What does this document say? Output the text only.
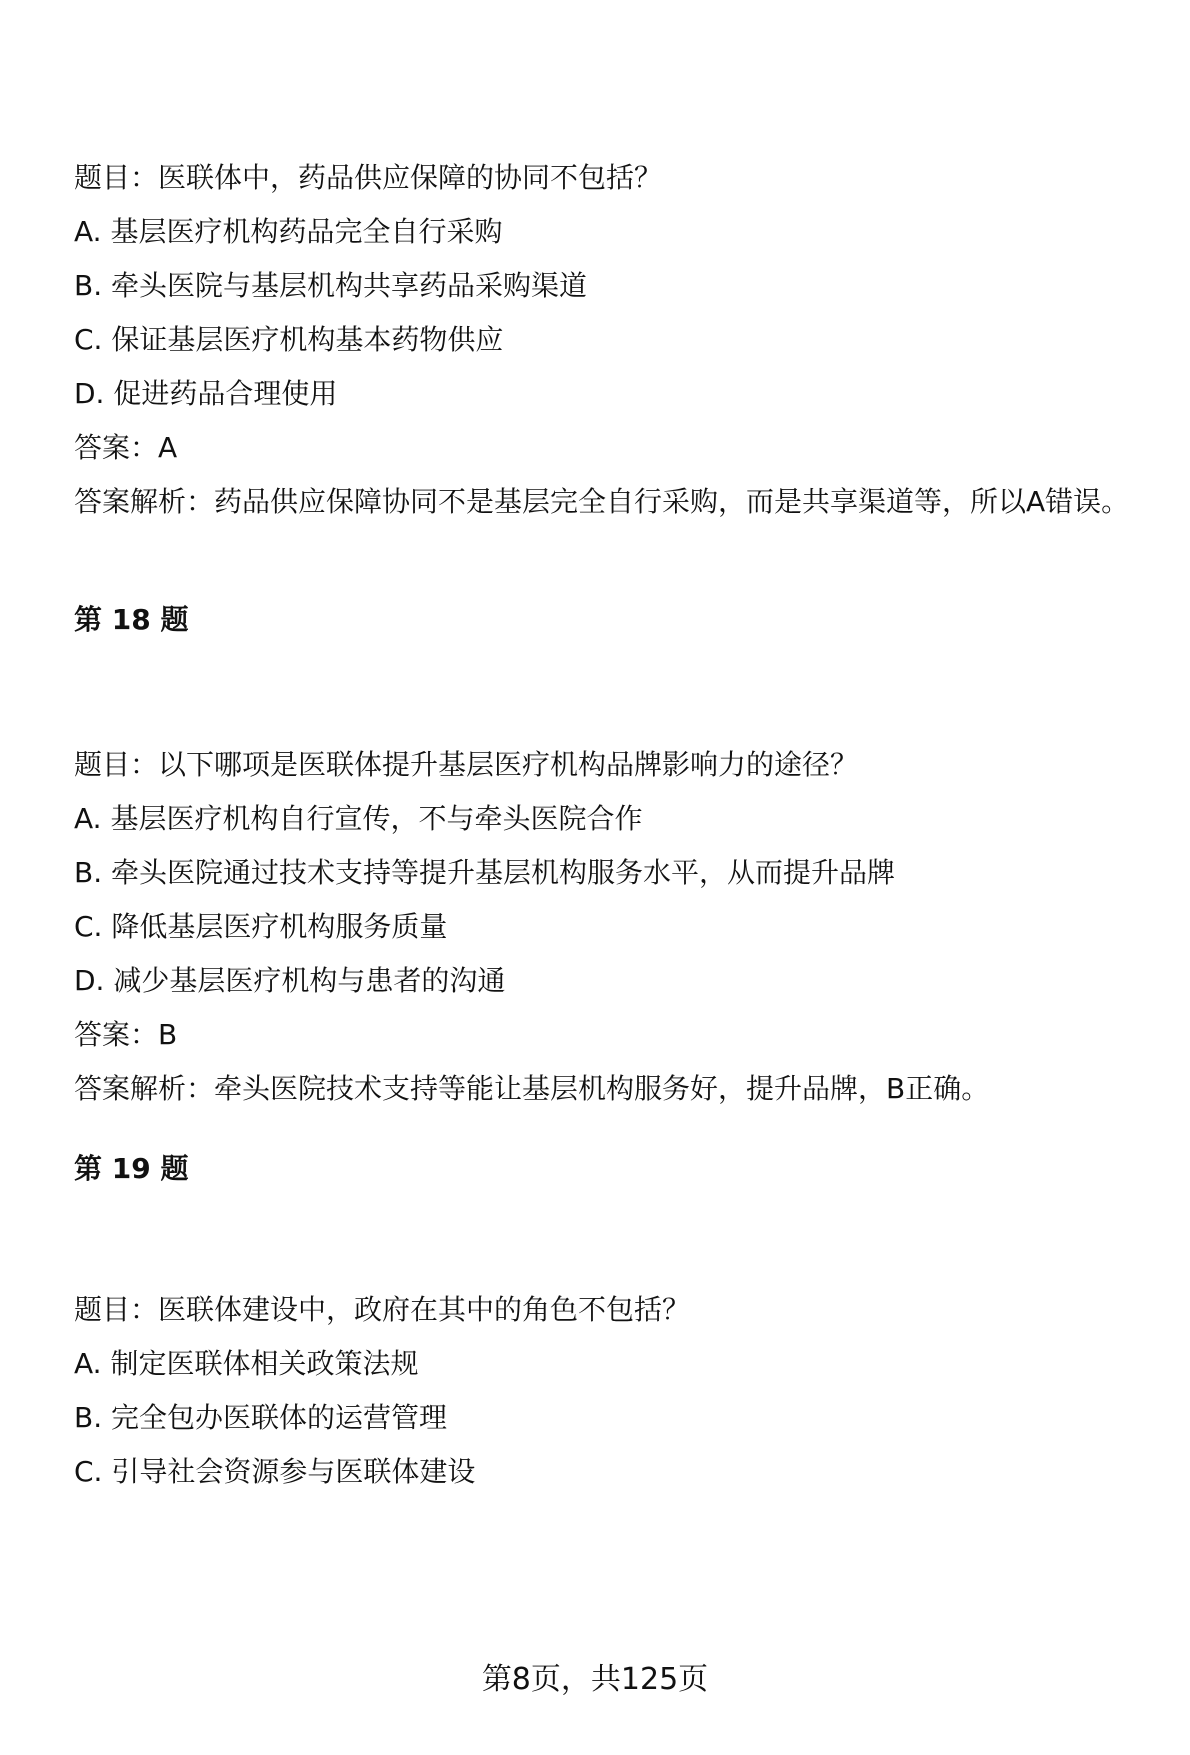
题目：医联体中，药品供应保障的协同不包括？
A. 基层医疗机构药品完全自行采购
B. 牵头医院与基层机构共享药品采购渠道
C. 保证基层医疗机构基本药物供应
D. 促进药品合理使用
答案：A
答案解析：药品供应保障协同不是基层完全自行采购，而是共享渠道等，所以A错误。
第 18 题
题目：以下哪项是医联体提升基层医疗机构品牌影响力的途径？
A. 基层医疗机构自行宣传，不与牵头医院合作
B. 牵头医院通过技术支持等提升基层机构服务水平，从而提升品牌
C. 降低基层医疗机构服务质量
D. 减少基层医疗机构与患者的沟通
答案：B
答案解析：牵头医院技术支持等能让基层机构服务好，提升品牌，B正确。
第 19 题
题目：医联体建设中，政府在其中的角色不包括？
A. 制定医联体相关政策法规
B. 完全包办医联体的运营管理
C. 引导社会资源参与医联体建设
第8页，共125页
